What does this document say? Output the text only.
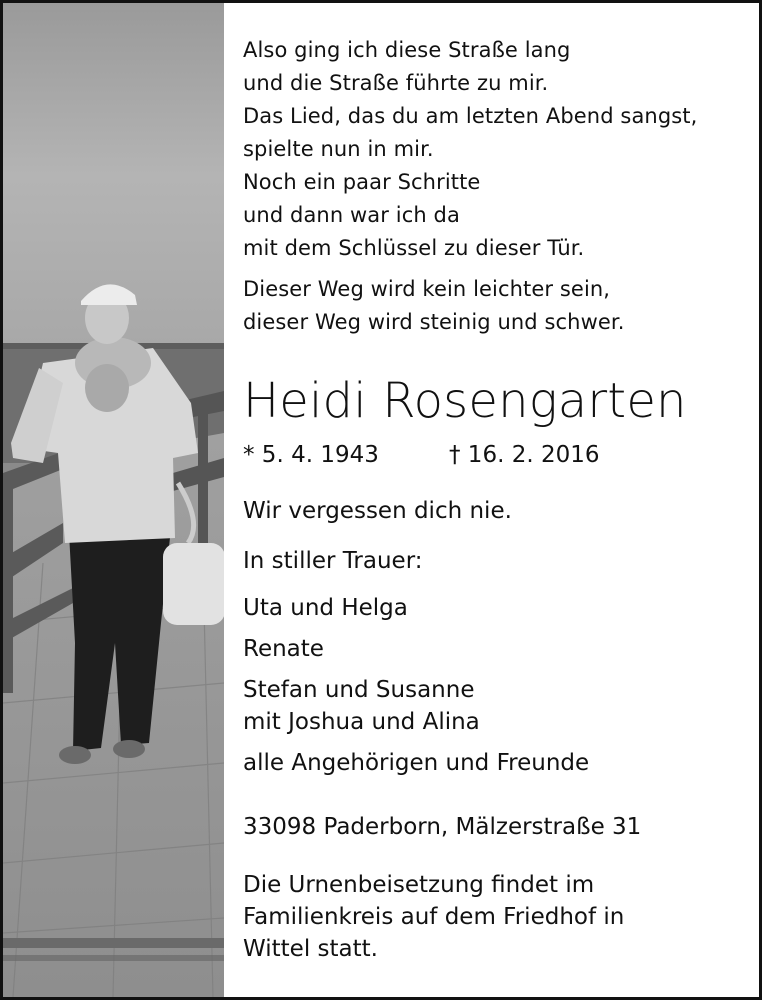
Also ging ich diese Straße lang
und die Straße führte zu mir.
Das Lied, das du am letzten Abend sangst,
spielte nun in mir.
Noch ein paar Schritte
und dann war ich da
mit dem Schlüssel zu dieser Tür.
Dieser Weg wird kein leichter sein,
dieser Weg wird steinig und schwer.
Heidi Rosengarten
* 5. 4. 1943	† 16. 2. 2016
Wir vergessen dich nie.
In stiller Trauer:
Uta und Helga
Renate
Stefan und Susanne
mit Joshua und Alina
alle Angehörigen und Freunde
33098 Paderborn, Mälzerstraße 31
Die Urnenbeisetzung findet im
Familienkreis auf dem Friedhof in
Wittel statt.
